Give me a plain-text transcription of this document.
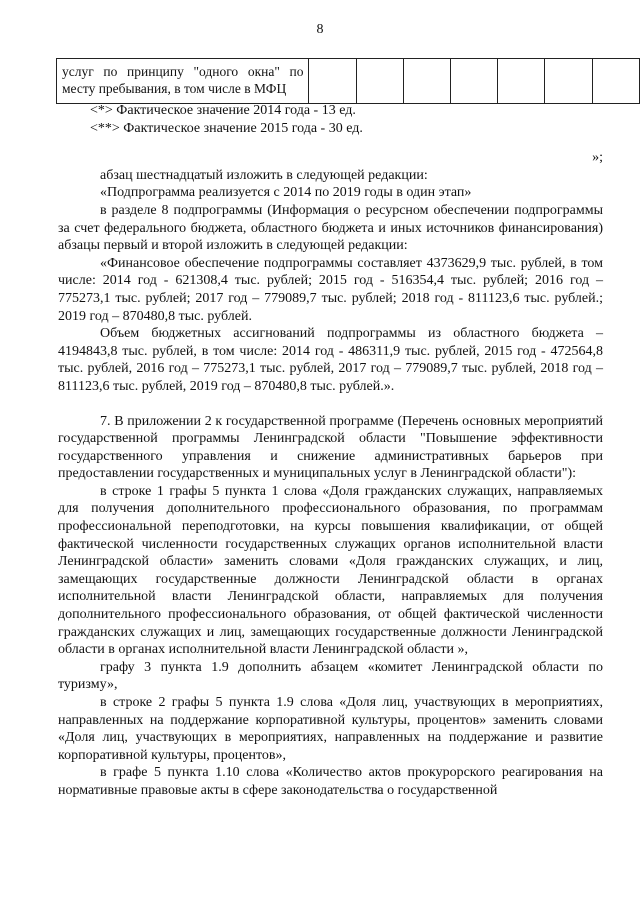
8
услуг по принципу "одного окна" по месту пребывания, в том числе в МФЦ							

<*> Фактическое значение 2014 года - 13 ед.

<**> Фактическое значение 2015 года - 30 ед.

»;

абзац шестнадцатый изложить в следующей редакции:

«Подпрограмма реализуется с 2014 по 2019 годы в один этап»

в разделе 8 подпрограммы (Информация о ресурсном обеспечении подпрограммы за счет федерального бюджета, областного бюджета и иных источников финансирования) абзацы первый и второй изложить в следующей редакции:

«Финансовое обеспечение подпрограммы составляет 4373629,9 тыс. рублей, в том числе: 2014 год - 621308,4 тыс. рублей; 2015 год - 516354,4 тыс. рублей; 2016 год – 775273,1 тыс. рублей; 2017 год – 779089,7 тыс. рублей; 2018 год - 811123,6 тыс. рублей.; 2019 год – 870480,8 тыс. рублей.

Объем бюджетных ассигнований подпрограммы из областного бюджета – 4194843,8 тыс. рублей, в том числе: 2014 год - 486311,9 тыс. рублей, 2015 год - 472564,8 тыс. рублей, 2016 год – 775273,1 тыс. рублей, 2017 год – 779089,7 тыс. рублей, 2018 год – 811123,6 тыс. рублей, 2019 год – 870480,8 тыс. рублей.».

7. В приложении 2 к государственной программе (Перечень основных мероприятий государственной программы Ленинградской области "Повышение эффективности государственного управления и снижение административных барьеров при предоставлении государственных и муниципальных услуг в Ленинградской области"):

в строке 1 графы 5 пункта 1 слова «Доля гражданских служащих, направляемых для получения дополнительного профессионального образования, по программам профессиональной переподготовки, на курсы повышения квалификации, от общей фактической численности государственных служащих органов исполнительной власти Ленинградской области» заменить словами «Доля гражданских служащих, и лиц, замещающих государственные должности Ленинградской области в органах исполнительной власти Ленинградской области, направляемых для получения дополнительного профессионального образования, от общей фактической численности гражданских служащих и лиц, замещающих государственные должности Ленинградской области в органах исполнительной власти Ленинградской области »,

графу 3 пункта 1.9 дополнить абзацем «комитет Ленинградской области по туризму»,

в строке 2 графы 5 пункта 1.9 слова «Доля лиц, участвующих в мероприятиях, направленных на поддержание корпоративной культуры, процентов» заменить словами «Доля лиц, участвующих в мероприятиях, направленных на поддержание и развитие корпоративной культуры, процентов»,

в графе 5 пункта 1.10 слова «Количество актов прокурорского реагирования на нормативные правовые акты в сфере законодательства о государственной
